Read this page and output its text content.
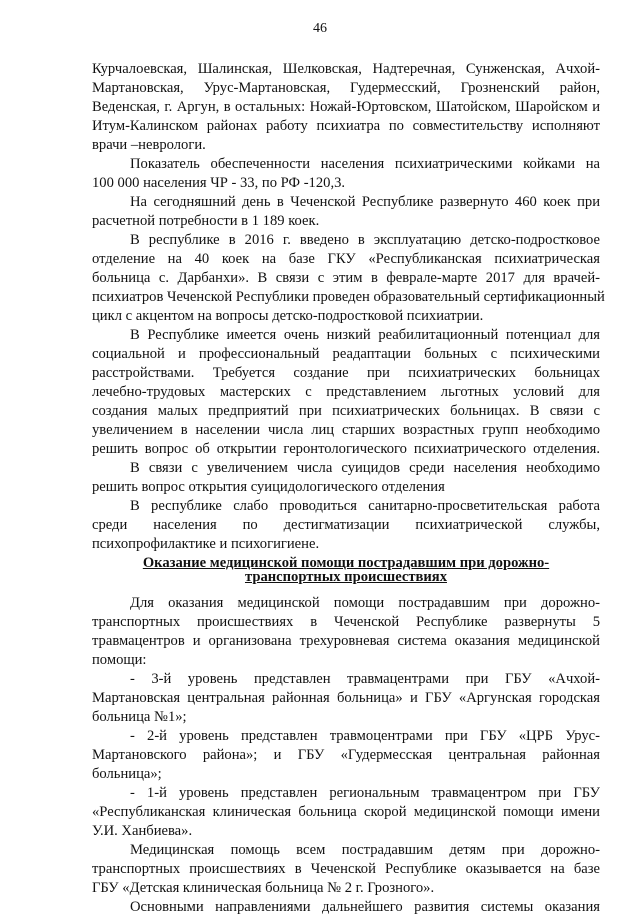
46

Курчалоевская, Шалинская, Шелковская, Надтеречная, Сунженская, Ачхой-
Мартановская, Урус-Мартановская, Гудермесский, Грозненский район,
Веденская, г. Аргун, в остальных: Ножай-Юртовском, Шатойском, Шаройском и
Итум-Калинском районах работу психиатра по совместительству исполняют
врачи –неврологи.

Показатель обеспеченности населения психиатрическими койками на
100 000 населения ЧР - 33, по РФ -120,3.

На сегодняшний день в Чеченской Республике развернуто 460 коек при
расчетной потребности в 1 189 коек.

В республике в 2016 г. введено в эксплуатацию детско-подростковое
отделение на 40 коек на базе ГКУ «Республиканская психиатрическая
больница с. Дарбанхи». В связи с этим в феврале-марте 2017 для врачей-
психиатров Чеченской Республики проведен образовательный сертификационный
цикл с акцентом на вопросы детско-подростковой психиатрии.

В Республике имеется очень низкий реабилитационный потенциал для
социальной и профессиональный реадаптации больных с психическими
расстройствами. Требуется создание при психиатрических больницах
лечебно-трудовых мастерских с представлением льготных условий для
создания малых предприятий при психиатрических больницах. В связи с
увеличением в населении числа лиц старших возрастных групп необходимо
решить вопрос об открытии геронтологического психиатрического отделения.

В связи с увеличением числа суицидов среди населения необходимо
решить вопрос открытия суицидологического отделения

В республике слабо проводиться санитарно-просветительская работа
среди населения по дестигматизации психиатрической службы,
психопрофилактике и психогигиене.

Оказание медицинской помощи пострадавшим при дорожно-
транспортных происшествиях

Для оказания медицинской помощи пострадавшим при дорожно-
транспортных происшествиях в Чеченской Республике развернуты 5
травмацентров и организована трехуровневая система оказания медицинской
помощи:

- 3-й уровень представлен травмацентрами при ГБУ «Ачхой-
Мартановская центральная районная больница» и ГБУ «Аргунская городская
больница №1»;

- 2-й уровень представлен травмоцентрами при ГБУ «ЦРБ Урус-
Мартановского района»; и ГБУ «Гудермесская центральная районная
больница»;

- 1-й уровень представлен региональным травмацентром при ГБУ
«Республиканская клиническая больница скорой медицинской помощи имени
У.И. Ханбиева».

Медицинская помощь всем пострадавшим детям при дорожно-
транспортных происшествиях в Чеченской Республике оказывается на базе
ГБУ «Детская клиническая больница № 2 г. Грозного».

Основными направлениями дальнейшего развития системы оказания
